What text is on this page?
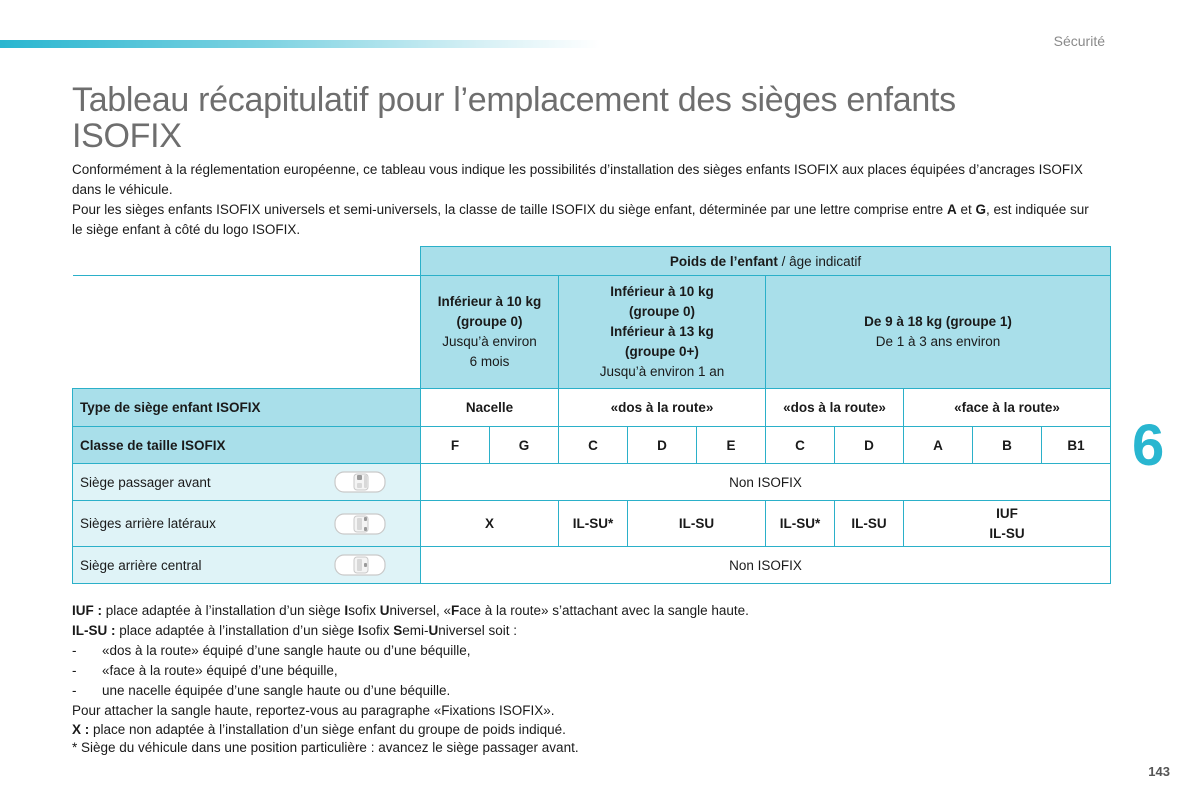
Sécurité
Tableau récapitulatif pour l’emplacement des sièges enfants ISOFIX

Conformément à la réglementation européenne, ce tableau vous indique les possibilités d’installation des sièges enfants ISOFIX aux places équipées d’ancrages ISOFIX dans le véhicule.

Pour les sièges enfants ISOFIX universels et semi-universels, la classe de taille ISOFIX du siège enfant, déterminée par une lettre comprise entre A et G, est indiquée sur le siège enfant à côté du logo ISOFIX.

	Poids de l’enfant / âge indicatif									
	Inférieur à 10 kg
(groupe 0)
Jusqu’à environ
6 mois		Inférieur à 10 kg
(groupe 0)
Inférieur à 13 kg
(groupe 0+)
Jusqu’à environ 1 an			De 9 à 18 kg (groupe 1)
De 1 à 3 ans environ				
Type de siège enfant ISOFIX	Nacelle		«dos à la route»			«dos à la route»		«face à la route»		
Classe de taille ISOFIX	F	G	C	D	E	C	D	A	B	B1

Siège passager avant	Non ISOFIX									

Sièges arrière latéraux	X		IL-SU*	IL-SU		IL-SU*	IL-SU	IUF
IL-SU		

Siège arrière central	Non ISOFIX									

IUF : place adaptée à l’installation d’un siège Isofix Universel, «Face à la route» s’attachant avec la sangle haute.

IL-SU : place adaptée à l’installation d’un siège Isofix Semi-Universel soit :

- «dos à la route» équipé d’une sangle haute ou d’une béquille,

- «face à la route» équipé d’une béquille,

- une nacelle équipée d’une sangle haute ou d’une béquille.

Pour attacher la sangle haute, reportez-vous au paragraphe «Fixations ISOFIX».

X : place non adaptée à l’installation d’un siège enfant du groupe de poids indiqué.

* Siège du véhicule dans une position particulière : avancez le siège passager avant.

6
143
